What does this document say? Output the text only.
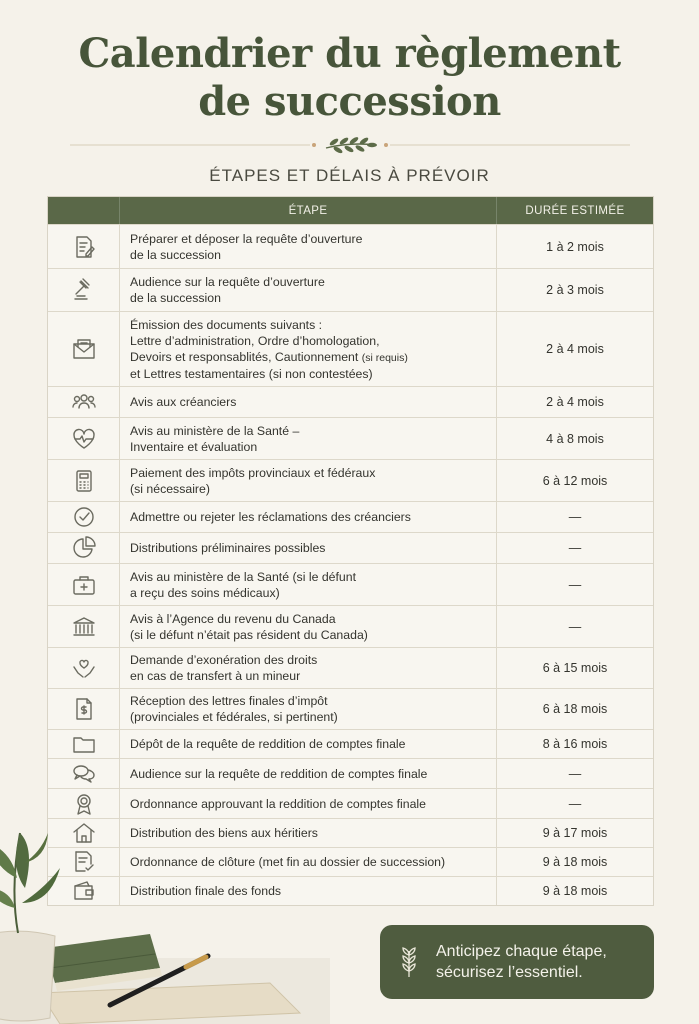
Calendrier du règlement
de succession
ÉTAPES ET DÉLAIS À PRÉVOIR
ÉTAPE	DURÉE ESTIMÉE
Préparer et déposer la requête d’ouverture
de la succession
1 à 2 mois
Audience sur la requête d’ouverture
de la succession
2 à 3 mois
Émission des documents suivants :
Lettre d’administration, Ordre d’homologation,
Devoirs et responsablités, Cautionnement (si requis)
et Lettres testamentaires (si non contestées)
2 à 4 mois
Avis aux créanciers	2 à 4 mois
Avis au ministère de la Santé –
Inventaire et évaluation
4 à 8 mois
Paiement des impôts provinciaux et fédéraux
(si nécessaire)
6 à 12 mois
Admettre ou rejeter les réclamations des créanciers	—
Distributions préliminaires possibles	—
Avis au ministère de la Santé (si le défunt
a reçu des soins médicaux)
—
Avis à l’Agence du revenu du Canada
(si le défunt n’était pas résident du Canada)
—
Demande d’exonération des droits
en cas de transfert à un mineur
6 à 15 mois
Réception des lettres finales d’impôt
(provinciales et fédérales, si pertinent)
6 à 18 mois
Dépôt de la requête de reddition de comptes finale	8 à 16 mois
Audience sur la requête de reddition de comptes finale	—
Ordonnance approuvant la reddition de comptes finale	—
Distribution des biens aux héritiers	9 à 17 mois
Ordonnance de clôture (met fin au dossier de succession)	9 à 18 mois
Distribution finale des fonds	9 à 18 mois
Anticipez chaque étape,
sécurisez l’essentiel.
